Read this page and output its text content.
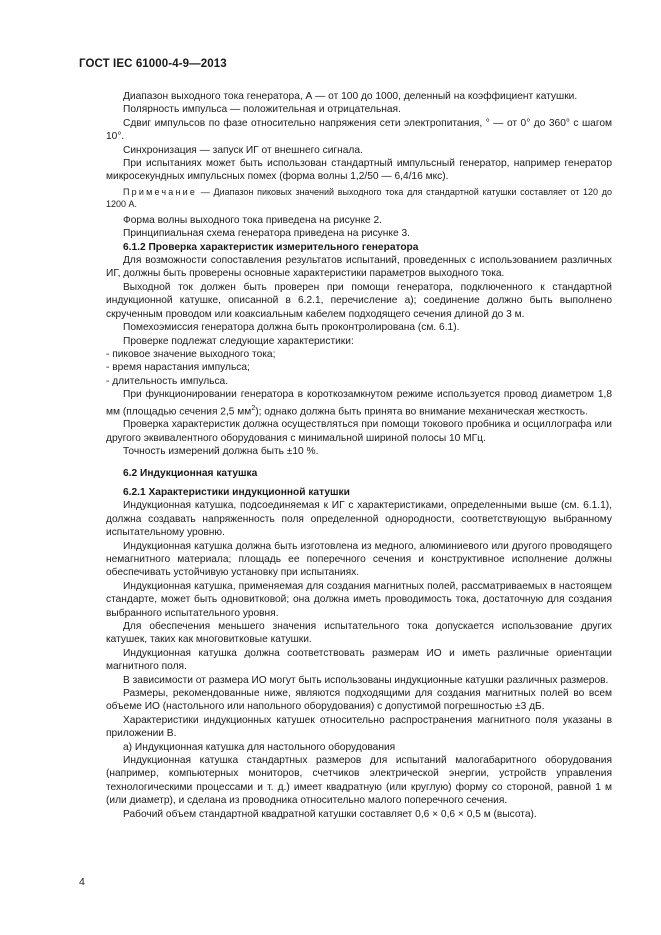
ГОСТ IEC 61000-4-9—2013

Диапазон выходного тока генератора, А — от 100 до 1000, деленный на коэффициент катушки.

Полярность импульса — положительная и отрицательная.

Сдвиг импульсов по фазе относительно напряжения сети электропитания, ° — от 0° до 360° с шагом 10°.

Синхронизация — запуск ИГ от внешнего сигнала.

При испытаниях может быть использован стандартный импульсный генератор, например генератор микросекундных импульсных помех (форма волны 1,2/50 — 6,4/16 мкс).

Примечание — Диапазон пиковых значений выходного тока для стандартной катушки составляет от 120 до 1200 А.

Форма волны выходного тока приведена на рисунке 2.

Принципиальная схема генератора приведена на рисунке 3.

6.1.2 Проверка характеристик измерительного генератора

Для возможности сопоставления результатов испытаний, проведенных с использованием различных ИГ, должны быть проверены основные характеристики параметров выходного тока.

Выходной ток должен быть проверен при помощи генератора, подключенного к стандартной индукционной катушке, описанной в 6.2.1, перечисление а); соединение должно быть выполнено скрученным проводом или коаксиальным кабелем подходящего сечения длиной до 3 м.

Помехоэмиссия генератора должна быть проконтролирована (см. 6.1).

Проверке подлежат следующие характеристики:

- пиковое значение выходного тока;

- время нарастания импульса;

- длительность импульса.

При функционировании генератора в короткозамкнутом режиме используется провод диаметром 1,8 мм (площадью сечения 2,5 $мм^2$); однако должна быть принята во внимание механическая жесткость.

Проверка характеристик должна осуществляться при помощи токового пробника и осциллографа или другого эквивалентного оборудования с минимальной шириной полосы 10 МГц.

Точность измерений должна быть ±10 %.

6.2 Индукционная катушка

6.2.1 Характеристики индукционной катушки

Индукционная катушка, подсоединяемая к ИГ с характеристиками, определенными выше (см. 6.1.1), должна создавать напряженность поля определенной однородности, соответствующую выбранному испытательному уровню.

Индукционная катушка должна быть изготовлена из медного, алюминиевого или другого проводящего немагнитного материала; площадь ее поперечного сечения и конструктивное исполнение должны обеспечивать устойчивую установку при испытаниях.

Индукционная катушка, применяемая для создания магнитных полей, рассматриваемых в настоящем стандарте, может быть одновитковой; она должна иметь проводимость тока, достаточную для создания выбранного испытательного уровня.

Для обеспечения меньшего значения испытательного тока допускается использование других катушек, таких как многовитковые катушки.

Индукционная катушка должна соответствовать размерам ИО и иметь различные ориентации магнитного поля.

В зависимости от размера ИО могут быть использованы индукционные катушки различных размеров.

Размеры, рекомендованные ниже, являются подходящими для создания магнитных полей во всем объеме ИО (настольного или напольного оборудования) с допустимой погрешностью ±3 дБ.

Характеристики индукционных катушек относительно распространения магнитного поля указаны в приложении В.

а) Индукционная катушка для настольного оборудования

Индукционная катушка стандартных размеров для испытаний малогабаритного оборудования (например, компьютерных мониторов, счетчиков электрической энергии, устройств управления технологическими процессами и т. д.) имеет квадратную (или круглую) форму со стороной, равной 1 м (или диаметр), и сделана из проводника относительно малого поперечного сечения.

Рабочий объем стандартной квадратной катушки составляет 0,6 × 0,6 × 0,5 м (высота).

4
